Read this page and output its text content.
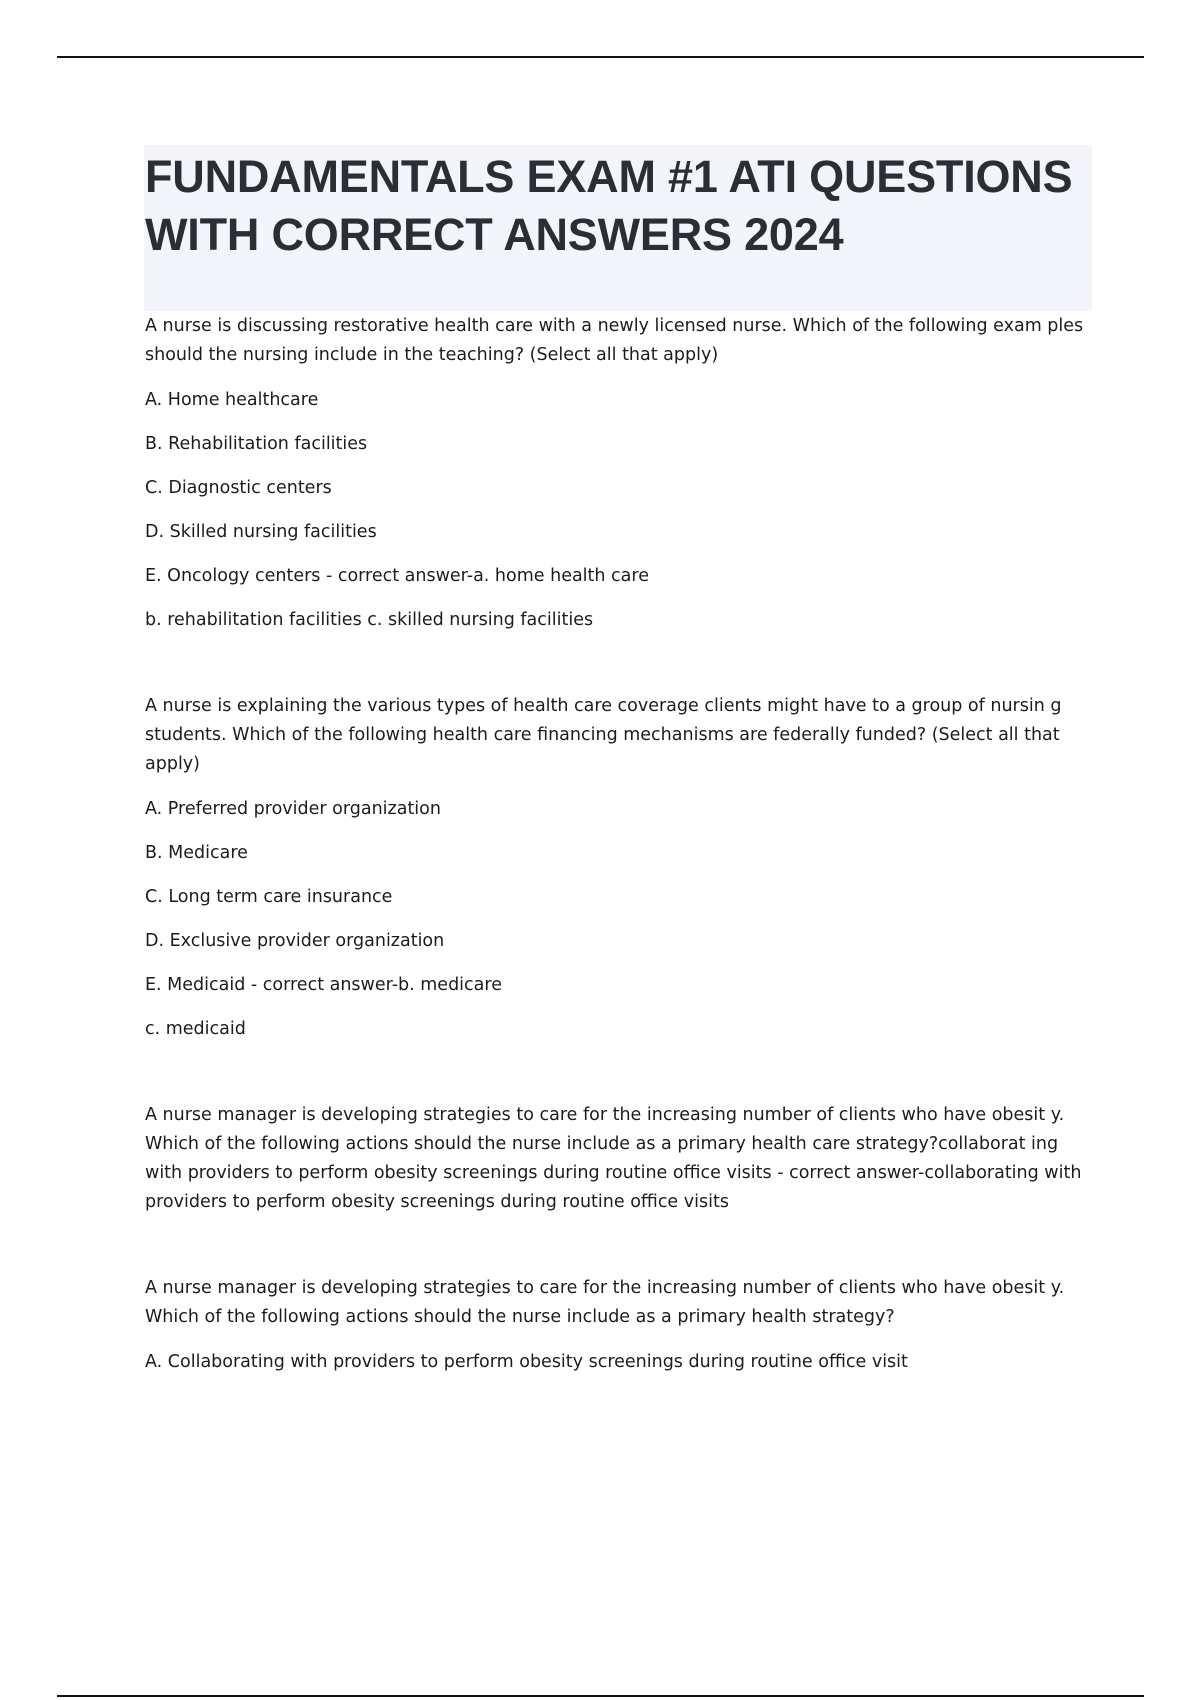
FUNDAMENTALS EXAM #1 ATI QUESTIONS WITH CORRECT ANSWERS 2024

A nurse is discussing restorative health care with a newly licensed nurse. Which of the following exam ples should the nursing include in the teaching? (Select all that apply)

A. Home healthcare

B. Rehabilitation facilities

C. Diagnostic centers

D. Skilled nursing facilities

E. Oncology centers - correct answer-a. home health care

b. rehabilitation facilities c. skilled nursing facilities

A nurse is explaining the various types of health care coverage clients might have to a group of nursin g students. Which of the following health care financing mechanisms are federally funded? (Select all that apply)

A. Preferred provider organization

B. Medicare

C. Long term care insurance

D. Exclusive provider organization

E. Medicaid - correct answer-b. medicare

c. medicaid

A nurse manager is developing strategies to care for the increasing number of clients who have obesit y. Which of the following actions should the nurse include as a primary health care strategy?collaborat ing with providers to perform obesity screenings during routine office visits - correct answer-collaborating with providers to perform obesity screenings during routine office visits

A nurse manager is developing strategies to care for the increasing number of clients who have obesit y. Which of the following actions should the nurse include as a primary health strategy?

A. Collaborating with providers to perform obesity screenings during routine office visit
